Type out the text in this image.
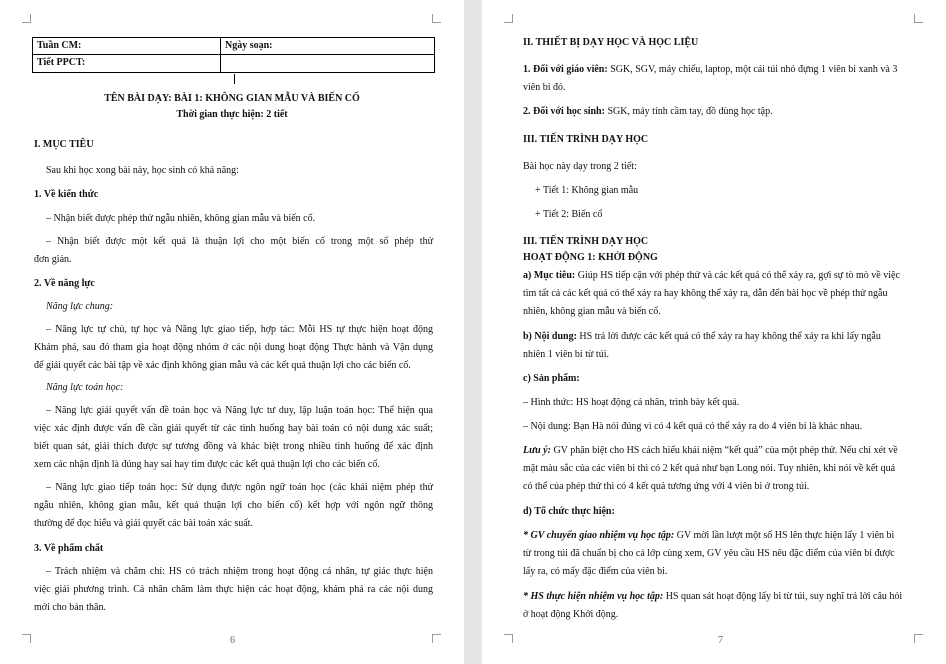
Tuần CM:	Ngày soạn:
Tiết PPCT:
TÊN BÀI DẠY: BÀI 1: KHÔNG GIAN MẪU VÀ BIẾN CỐ
Thời gian thực hiện: 2 tiết
I. MỤC TIÊU
Sau khi học xong bài này, học sinh có khả năng:
1. Về kiến thức
– Nhận biết được phép thử ngẫu nhiên, không gian mẫu và biến cố.
– Nhận biết được một kết quả là thuận lợi cho một biến cố trong một số phép thử
đơn giản.
2. Về năng lực
Năng lực chung:
– Năng lực tự chủ, tự học và Năng lực giao tiếp, hợp tác: Mỗi HS tự thực hiện hoạt động
Khám phá, sau đó tham gia hoạt động nhóm ở các nội dung hoạt động Thực hành và Vận dụng
để giải quyết các bài tập về xác định không gian mẫu và các kết quả thuận lợi cho các biến cố.
Năng lực toán học:
– Năng lực giải quyết vấn đề toán học và Năng lực tư duy, lập luận toán học: Thể hiện qua
việc xác định được vấn đề cần giải quyết từ các tình huống hay bài toán có nội dung xác suất;
biết quan sát, giải thích được sự tương đồng và khác biệt trong nhiều tình huống để xác định
xem các nhận định là đúng hay sai hay tìm được các kết quả thuận lợi cho các biến cố.
– Năng lực giao tiếp toán học: Sử dụng được ngôn ngữ toán học (các khái niệm phép thử
ngẫu nhiên, không gian mẫu, kết quả thuận lợi cho biến cố) kết hợp với ngôn ngữ thông
thường để đọc hiểu và giải quyết các bài toán xác suất.
3. Về phẩm chất
– Trách nhiệm và chăm chỉ: HS có trách nhiệm trong hoạt động cá nhân, tự giác thực hiện
việc giải phương trình. Cá nhân chăm làm thực hiện các hoạt động, khám phá ra các nội dung
mới cho bản thân.
6
II. THIẾT BỊ DẠY HỌC VÀ HỌC LIỆU
1. Đối với giáo viên: SGK, SGV, máy chiếu, laptop, một cái túi nhỏ đựng 1 viên bi xanh và 3
viên bi đỏ.
2. Đối với học sinh: SGK, máy tính cầm tay, đồ dùng học tập.
III. TIẾN TRÌNH DẠY HỌC
Bài học này dạy trong 2 tiết:
+ Tiết 1: Không gian mẫu
+ Tiết 2: Biến cố
III. TIẾN TRÌNH DẠY HỌC
HOẠT ĐỘNG 1: KHỞI ĐỘNG
a) Mục tiêu: Giúp HS tiếp cận với phép thử và các kết quả có thể xảy ra, gợi sự tò mò về việc
tìm tất cả các kết quả có thể xảy ra hay không thể xảy ra, dẫn đến bài học về phép thử ngẫu
nhiên, không gian mẫu và biến cố.
b) Nội dung: HS trả lời được các kết quả có thể xảy ra hay không thể xảy ra khi lấy ngẫu
nhiên 1 viên bi từ túi.
c) Sản phẩm:
– Hình thức: HS hoạt động cá nhân, trình bày kết quả.
– Nội dung: Bạn Hà nói đúng vì có 4 kết quả có thể xảy ra do 4 viên bi là khác nhau.
Lưu ý: GV phân biệt cho HS cách hiểu khái niệm “kết quả” của một phép thử. Nếu chỉ xét về
mặt màu sắc của các viên bi thì có 2 kết quả như bạn Long nói. Tuy nhiên, khi nói về kết quả
có thể của phép thử thì có 4 kết quả tương ứng với 4 viên bi ở trong túi.
d) Tổ chức thực hiện:
* GV chuyển giao nhiệm vụ học tập: GV mời lần lượt một số HS lên thực hiện lấy 1 viên bi
từ trong túi đã chuẩn bị cho cả lớp cùng xem, GV yêu cầu HS nêu đặc điểm của viên bi được
lấy ra, có mấy đặc điểm của viên bi.
* HS thực hiện nhiệm vụ học tập: HS quan sát hoạt động lấy bi từ túi, suy nghĩ trả lời câu hỏi
ở hoạt động Khởi động.
7
